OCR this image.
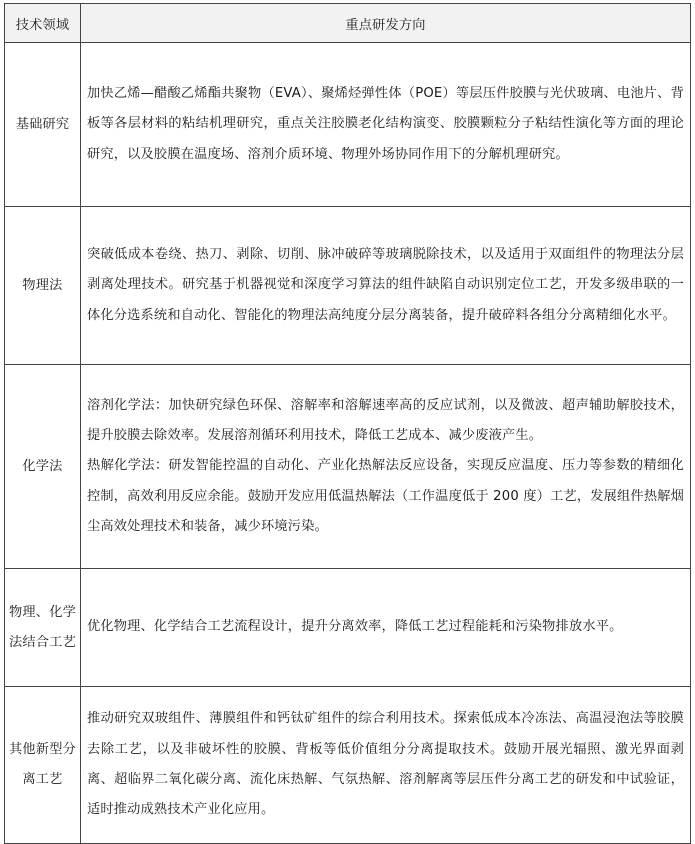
技术领域	重点研发方向
基础研究	加快乙烯—醋酸乙烯酯共聚物（EVA）、聚烯烃弹性体（POE）等层压件胶膜与光伏玻璃、电池片、背板等各层材料的粘结机理研究，重点关注胶膜老化结构演变、胶膜颗粒分子粘结性演化等方面的理论研究，以及胶膜在温度场、溶剂介质环境、物理外场协同作用下的分解机理研究。

物理法	突破低成本卷绕、热刀、剥除、切削、脉冲破碎等玻璃脱除技术，以及适用于双面组件的物理法分层剥离处理技术。研究基于机器视觉和深度学习算法的组件缺陷自动识别定位工艺，开发多级串联的一体化分选系统和自动化、智能化的物理法高纯度分层分离装备，提升破碎料各组分分离精细化水平。

化学法	溶剂化学法：加快研究绿色环保、溶解率和溶解速率高的反应试剂，以及微波、超声辅助解胶技术，提升胶膜去除效率。发展溶剂循环利用技术，降低工艺成本、减少废液产生。

热解化学法：研发智能控温的自动化、产业化热解法反应设备，实现反应温度、压力等参数的精细化控制，高效利用反应余能。鼓励开发应用低温热解法（工作温度低于 200 度）工艺，发展组件热解烟尘高效处理技术和装备，减少环境污染。

物理、化学法结合工艺	优化物理、化学结合工艺流程设计，提升分离效率，降低工艺过程能耗和污染物排放水平。

其他新型分离工艺	推动研究双玻组件、薄膜组件和钙钛矿组件的综合利用技术。探索低成本冷冻法、高温浸泡法等胶膜去除工艺，以及非破坏性的胶膜、背板等低价值组分分离提取技术。鼓励开展光辐照、激光界面剥离、超临界二氧化碳分离、流化床热解、气氛热解、溶剂解离等层压件分离工艺的研发和中试验证，适时推动成熟技术产业化应用。
